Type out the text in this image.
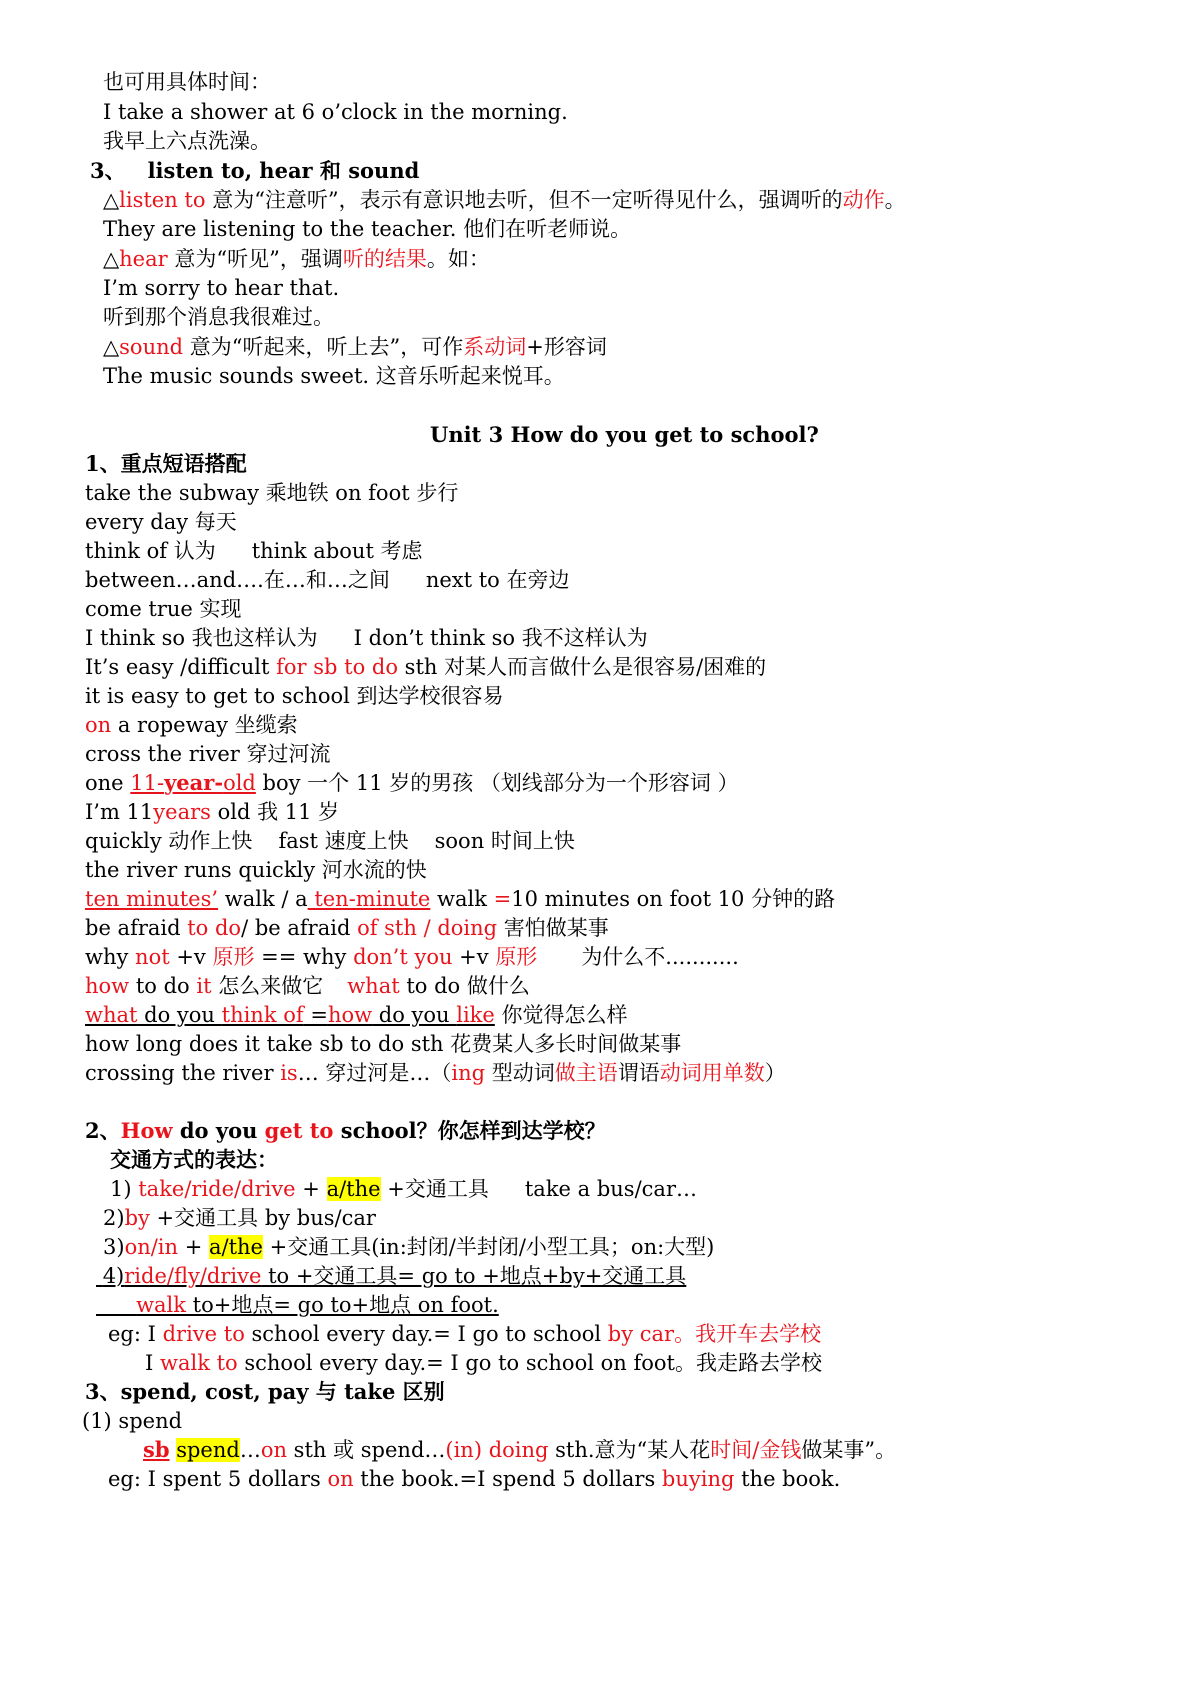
也可用具体时间：
I take a shower at 6 o’clock in the morning.
我早上六点洗澡。
3、 listen to, hear 和 sound
△listen to 意为“注意听”，表示有意识地去听，但不一定听得见什么，强调听的动作。
They are listening to the teacher. 他们在听老师说。
△hear 意为“听见”，强调听的结果。如：
I’m sorry to hear that.
听到那个消息我很难过。
△sound 意为“听起来，听上去”，可作系动词+形容词
The music sounds sweet. 这音乐听起来悦耳。
Unit 3 How do you get to school?
1、重点短语搭配
take the subway 乘地铁 on foot 步行
every day 每天
think of 认为 think about 考虑
between…and….在…和…之间 next to 在旁边
come true 实现
I think so 我也这样认为 I don’t think so 我不这样认为
It’s easy /difficult for sb to do sth 对某人而言做什么是很容易/困难的
it is easy to get to school 到达学校很容易
on a ropeway 坐缆索
cross the river 穿过河流
one 11-year-old boy 一个 11 岁的男孩 （划线部分为一个形容词 ）
I’m 11years old 我 11 岁
quickly 动作上快 fast 速度上快 soon 时间上快
the river runs quickly 河水流的快
ten minutes’ walk / a ten-minute walk =10 minutes on foot 10 分钟的路
be afraid to do/ be afraid of sth / doing 害怕做某事
why not +v 原形 == why don’t you +v 原形 为什么不...........
how to do it 怎么来做它 what to do 做什么
what do you think of =how do you like 你觉得怎么样
how long does it take sb to do sth 花费某人多长时间做某事
crossing the river is… 穿过河是…（ing 型动词做主语谓语动词用单数）
2、How do you get to school？你怎样到达学校？
交通方式的表达：
1) take/ride/drive + a/the +交通工具 take a bus/car…
2)by +交通工具 by bus/car
3)on/in + a/the +交通工具(in:封闭/半封闭/小型工具；on:大型)
4)ride/fly/drive to +交通工具= go to +地点+by+交通工具
walk to+地点= go to+地点 on foot.
eg: I drive to school every day.= I go to school by car。我开车去学校
I walk to school every day.= I go to school on foot。我走路去学校
3、spend, cost, pay 与 take 区别
(1) spend
sb spend…on sth 或 spend…(in) doing sth.意为“某人花时间/金钱做某事”。
eg: I spent 5 dollars on the book.=I spend 5 dollars buying the book.
